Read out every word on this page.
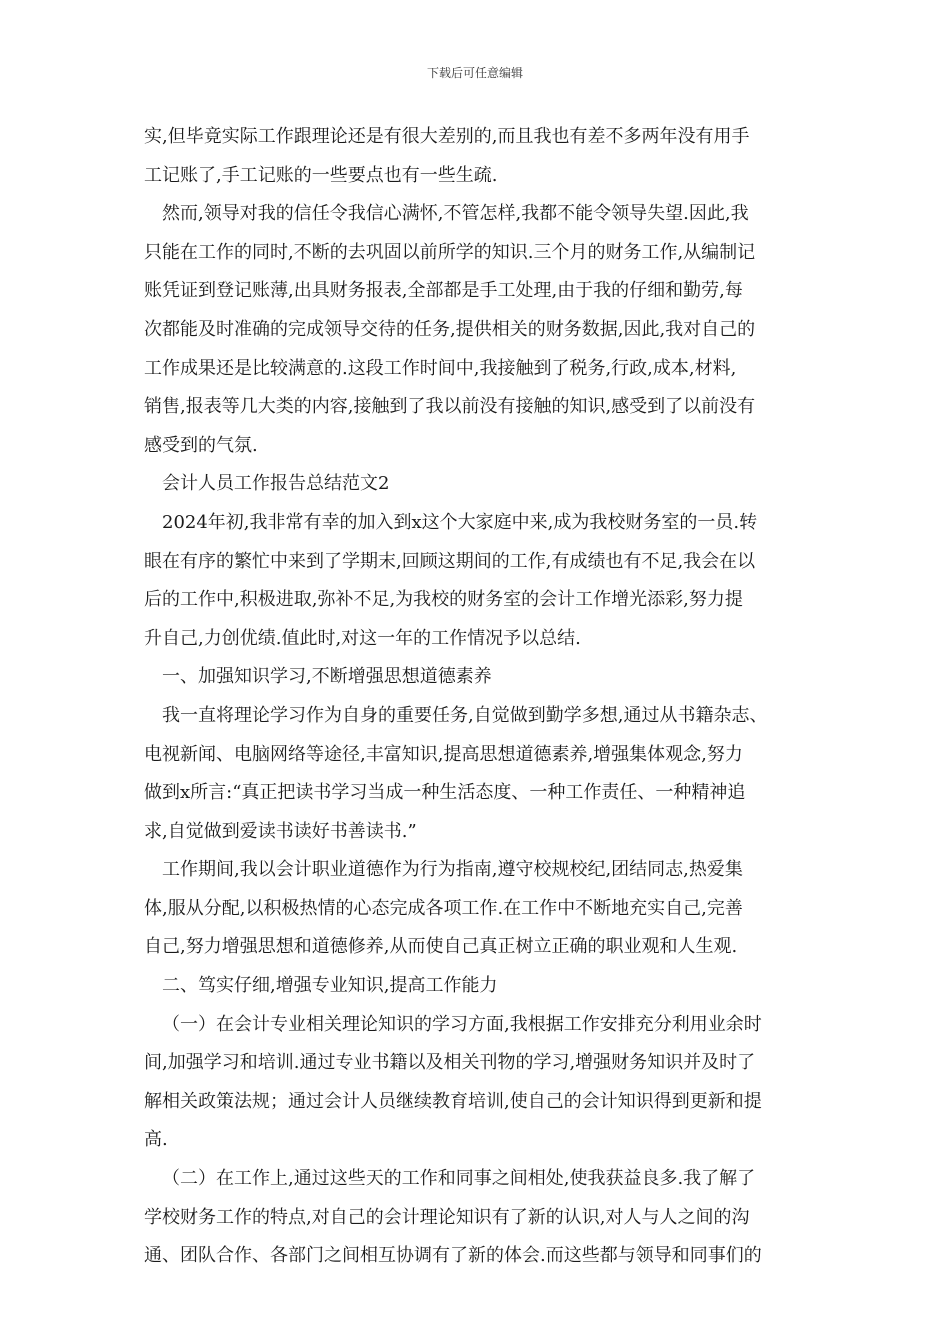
下载后可任意编辑
实,但毕竟实际工作跟理论还是有很大差别的,而且我也有差不多两年没有用手
工记账了,手工记账的一些要点也有一些生疏.
然而,领导对我的信任令我信心满怀,不管怎样,我都不能令领导失望.因此,我
只能在工作的同时,不断的去巩固以前所学的知识.三个月的财务工作,从编制记
账凭证到登记账薄,出具财务报表,全部都是手工处理,由于我的仔细和勤劳,每
次都能及时准确的完成领导交待的任务,提供相关的财务数据,因此,我对自己的
工作成果还是比较满意的.这段工作时间中,我接触到了税务,行政,成本,材料,
销售,报表等几大类的内容,接触到了我以前没有接触的知识,感受到了以前没有
感受到的气氛.
会计人员工作报告总结范文2
2024年初,我非常有幸的加入到x这个大家庭中来,成为我校财务室的一员.转
眼在有序的繁忙中来到了学期末,回顾这期间的工作,有成绩也有不足,我会在以
后的工作中,积极进取,弥补不足,为我校的财务室的会计工作增光添彩,努力提
升自己,力创优绩.值此时,对这一年的工作情况予以总结.
一、加强知识学习,不断增强思想道德素养
我一直将理论学习作为自身的重要任务,自觉做到勤学多想,通过从书籍杂志、
电视新闻、电脑网络等途径,丰富知识,提高思想道德素养,增强集体观念,努力
做到x所言:“真正把读书学习当成一种生活态度、一种工作责任、一种精神追
求,自觉做到爱读书读好书善读书.”
工作期间,我以会计职业道德作为行为指南,遵守校规校纪,团结同志,热爱集
体,服从分配,以积极热情的心态完成各项工作.在工作中不断地充实自己,完善
自己,努力增强思想和道德修养,从而使自己真正树立正确的职业观和人生观.
二、笃实仔细,增强专业知识,提高工作能力
（一）在会计专业相关理论知识的学习方面,我根据工作安排充分利用业余时
间,加强学习和培训.通过专业书籍以及相关刊物的学习,增强财务知识并及时了
解相关政策法规；通过会计人员继续教育培训,使自己的会计知识得到更新和提
高.
（二）在工作上,通过这些天的工作和同事之间相处,使我获益良多.我了解了
学校财务工作的特点,对自己的会计理论知识有了新的认识,对人与人之间的沟
通、团队合作、各部门之间相互协调有了新的体会.而这些都与领导和同事们的
